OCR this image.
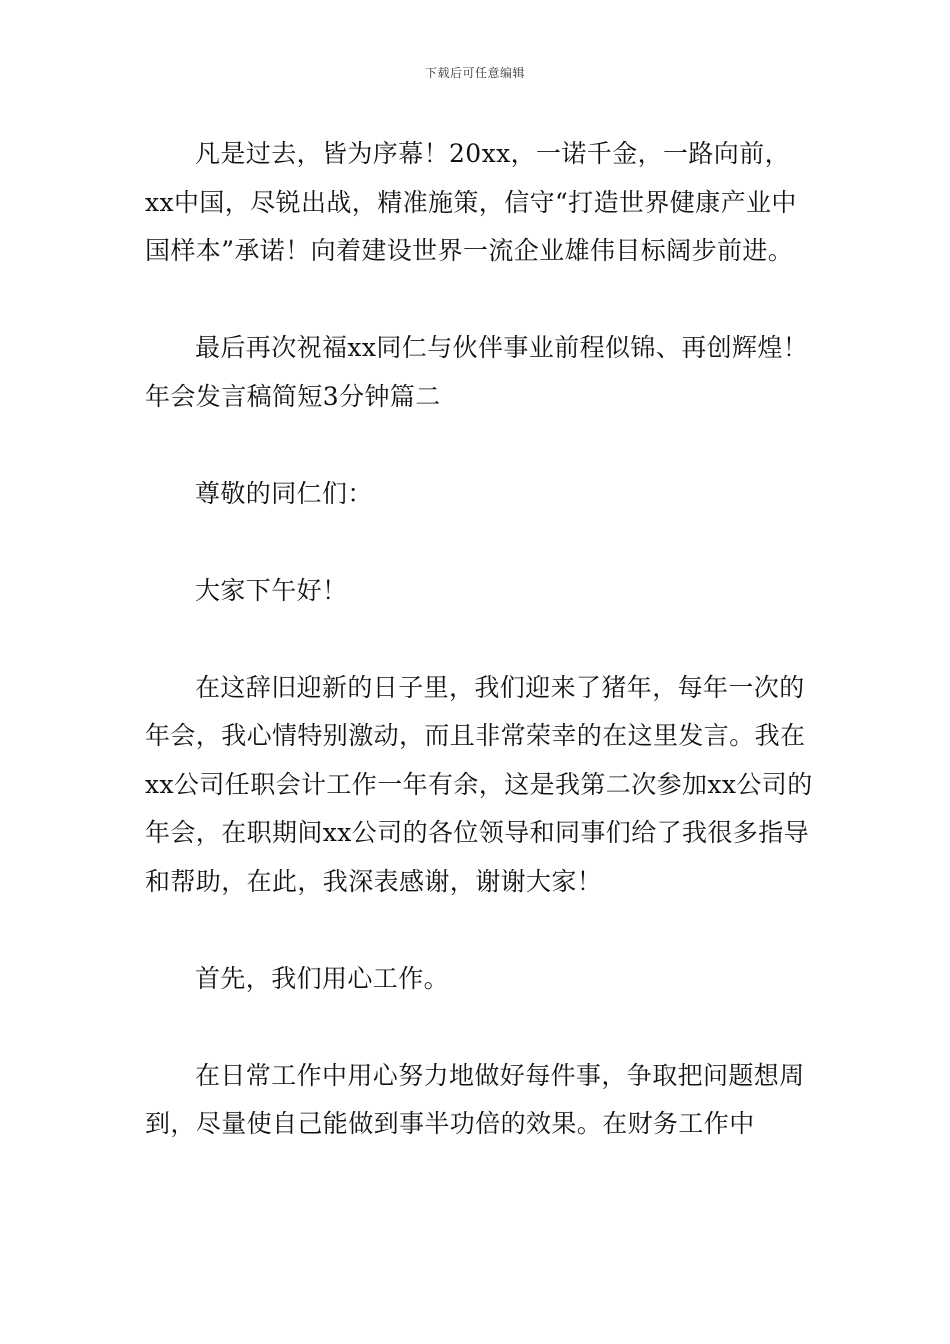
下载后可任意编辑

凡是过去，皆为序幕！20xx，一诺千金，一路向前，xx中国，尽锐出战，精准施策，信守“打造世界健康产业中国样本”承诺！向着建设世界一流企业雄伟目标阔步前进。

最后再次祝福xx同仁与伙伴事业前程似锦、再创辉煌！

年会发言稿简短3分钟篇二

尊敬的同仁们：

大家下午好！

在这辞旧迎新的日子里，我们迎来了猪年，每年一次的年会，我心情特别激动，而且非常荣幸的在这里发言。我在xx公司任职会计工作一年有余，这是我第二次参加xx公司的年会，在职期间xx公司的各位领导和同事们给了我很多指导和帮助，在此，我深表感谢，谢谢大家！

首先，我们用心工作。

在日常工作中用心努力地做好每件事，争取把问题想周到，尽量使自己能做到事半功倍的效果。在财务工作中
